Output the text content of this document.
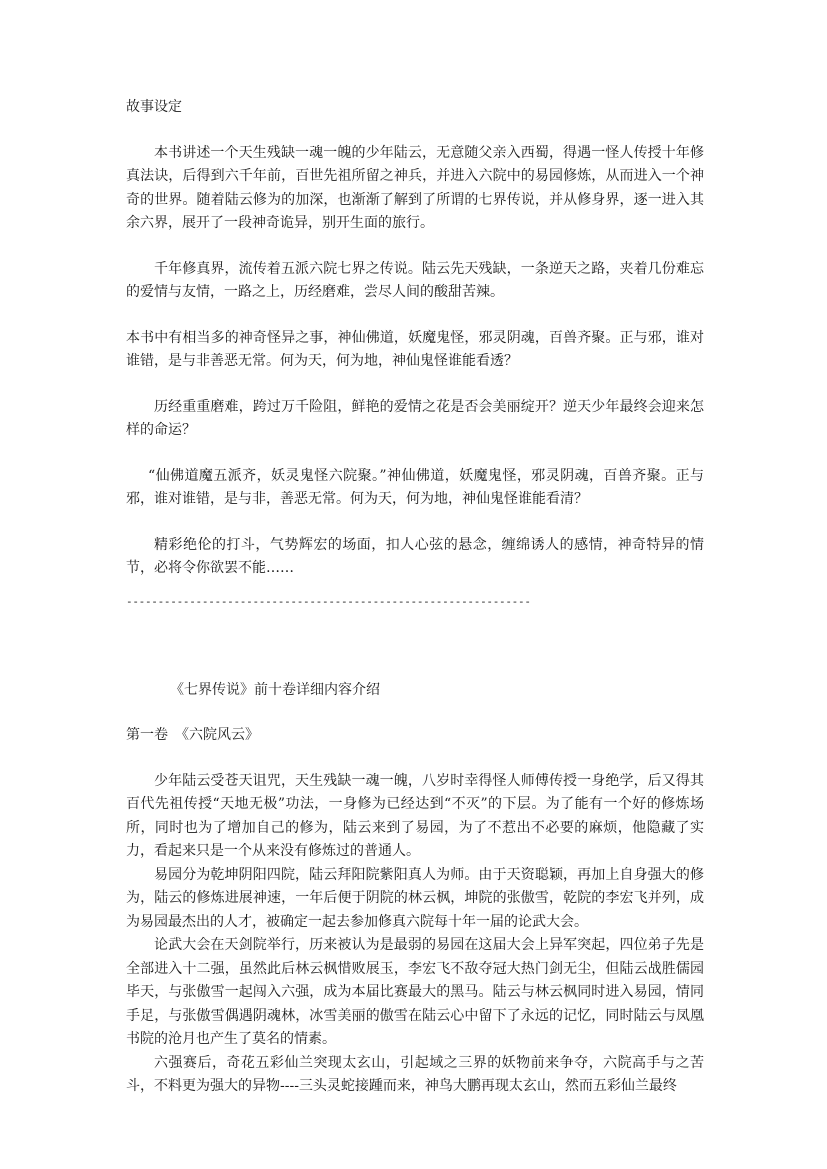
故事设定

本书讲述一个天生残缺一魂一魄的少年陆云，无意随父亲入西蜀，得遇一怪人传授十年修真法诀，后得到六千年前，百世先祖所留之神兵，并进入六院中的易园修炼，从而进入一个神奇的世界。随着陆云修为的加深，也渐渐了解到了所谓的七界传说，并从修身界，逐一进入其余六界，展开了一段神奇诡异，别开生面的旅行。

千年修真界，流传着五派六院七界之传说。陆云先天残缺，一条逆天之路，夹着几份难忘的爱情与友情，一路之上，历经磨难，尝尽人间的酸甜苦辣。

本书中有相当多的神奇怪异之事，神仙佛道，妖魔鬼怪，邪灵阴魂，百兽齐聚。正与邪，谁对谁错，是与非善恶无常。何为天，何为地，神仙鬼怪谁能看透？

历经重重磨难，跨过万千险阻，鲜艳的爱情之花是否会美丽绽开？逆天少年最终会迎来怎样的命运？

“仙佛道魔五派齐，妖灵鬼怪六院聚。”神仙佛道，妖魔鬼怪，邪灵阴魂，百兽齐聚。正与邪，谁对谁错，是与非，善恶无常。何为天，何为地，神仙鬼怪谁能看清？

精彩绝伦的打斗，气势辉宏的场面，扣人心弦的悬念，缠绵诱人的感情，神奇特异的情节，必将令你欲罢不能……

----------------------------------------------------------------

《七界传说》前十卷详细内容介绍

第一卷　《六院风云》

少年陆云受苍天诅咒，天生残缺一魂一魄，八岁时幸得怪人师傅传授一身绝学，后又得其百代先祖传授“天地无极”功法，一身修为已经达到“不灭”的下层。为了能有一个好的修炼场所，同时也为了增加自己的修为，陆云来到了易园，为了不惹出不必要的麻烦，他隐藏了实力，看起来只是一个从来没有修炼过的普通人。

易园分为乾坤阴阳四院，陆云拜阳院紫阳真人为师。由于天资聪颖，再加上自身强大的修为，陆云的修炼进展神速，一年后便于阴院的林云枫，坤院的张傲雪，乾院的李宏飞并列，成为易园最杰出的人才，被确定一起去参加修真六院每十年一届的论武大会。

论武大会在天剑院举行，历来被认为是最弱的易园在这届大会上异军突起，四位弟子先是全部进入十二强，虽然此后林云枫惜败展玉，李宏飞不敌夺冠大热门剑无尘，但陆云战胜儒园毕天，与张傲雪一起闯入六强，成为本届比赛最大的黑马。陆云与林云枫同时进入易园，情同手足，与张傲雪偶遇阴魂林，冰雪美丽的傲雪在陆云心中留下了永远的记忆，同时陆云与凤凰书院的沧月也产生了莫名的情素。

六强赛后，奇花五彩仙兰突现太玄山，引起域之三界的妖物前来争夺，六院高手与之苦斗，不料更为强大的异物----三头灵蛇接踵而来，神鸟大鹏再现太玄山，然而五彩仙兰最终
